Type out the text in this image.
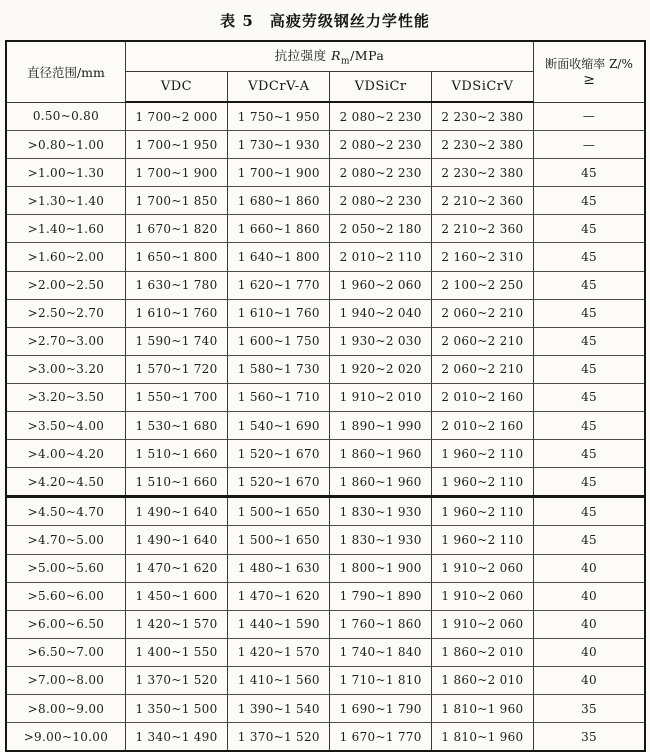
表 5　高疲劳级钢丝力学性能
直径范围/mm	抗拉强度 $R_m$/MPa				断面收缩率 Z/%
≥

	VDC	VDCrV-A	VDSiCr	VDSiCrV	
0.50~0.80	1 700~2 000	1 750~1 950	2 080~2 230	2 230~2 380	—
>0.80~1.00	1 700~1 950	1 730~1 930	2 080~2 230	2 230~2 380	—
>1.00~1.30	1 700~1 900	1 700~1 900	2 080~2 230	2 230~2 380	45
>1.30~1.40	1 700~1 850	1 680~1 860	2 080~2 230	2 210~2 360	45
>1.40~1.60	1 670~1 820	1 660~1 860	2 050~2 180	2 210~2 360	45
>1.60~2.00	1 650~1 800	1 640~1 800	2 010~2 110	2 160~2 310	45
>2.00~2.50	1 630~1 780	1 620~1 770	1 960~2 060	2 100~2 250	45
>2.50~2.70	1 610~1 760	1 610~1 760	1 940~2 040	2 060~2 210	45
>2.70~3.00	1 590~1 740	1 600~1 750	1 930~2 030	2 060~2 210	45
>3.00~3.20	1 570~1 720	1 580~1 730	1 920~2 020	2 060~2 210	45
>3.20~3.50	1 550~1 700	1 560~1 710	1 910~2 010	2 010~2 160	45
>3.50~4.00	1 530~1 680	1 540~1 690	1 890~1 990	2 010~2 160	45
>4.00~4.20	1 510~1 660	1 520~1 670	1 860~1 960	1 960~2 110	45
>4.20~4.50	1 510~1 660	1 520~1 670	1 860~1 960	1 960~2 110	45
>4.50~4.70	1 490~1 640	1 500~1 650	1 830~1 930	1 960~2 110	45
>4.70~5.00	1 490~1 640	1 500~1 650	1 830~1 930	1 960~2 110	45
>5.00~5.60	1 470~1 620	1 480~1 630	1 800~1 900	1 910~2 060	40
>5.60~6.00	1 450~1 600	1 470~1 620	1 790~1 890	1 910~2 060	40
>6.00~6.50	1 420~1 570	1 440~1 590	1 760~1 860	1 910~2 060	40
>6.50~7.00	1 400~1 550	1 420~1 570	1 740~1 840	1 860~2 010	40
>7.00~8.00	1 370~1 520	1 410~1 560	1 710~1 810	1 860~2 010	40
>8.00~9.00	1 350~1 500	1 390~1 540	1 690~1 790	1 810~1 960	35
>9.00~10.00	1 340~1 490	1 370~1 520	1 670~1 770	1 810~1 960	35
